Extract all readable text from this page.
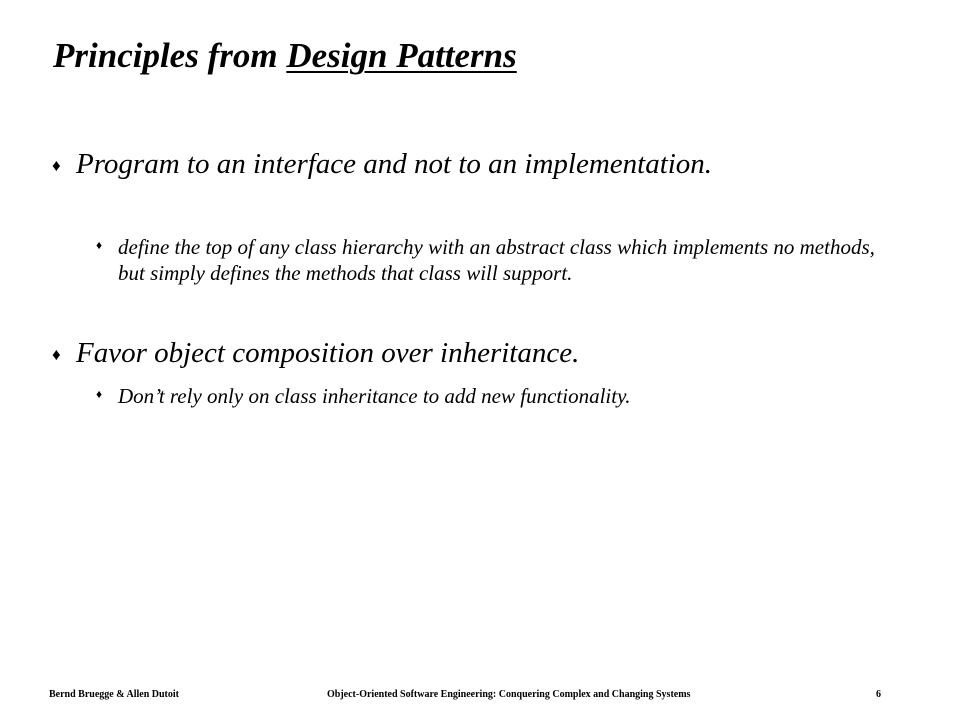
Principles from Design Patterns
♦ Program to an interface and not to an implementation.
♦ define the top of any class hierarchy with an abstract class which implements no methods, but simply defines the methods that class will support.
♦ Favor object composition over inheritance.
♦ Don’t rely only on class inheritance to add new functionality.
Bernd Bruegge & Allen Dutoit	Object-Oriented Software Engineering: Conquering Complex and Changing Systems	6
